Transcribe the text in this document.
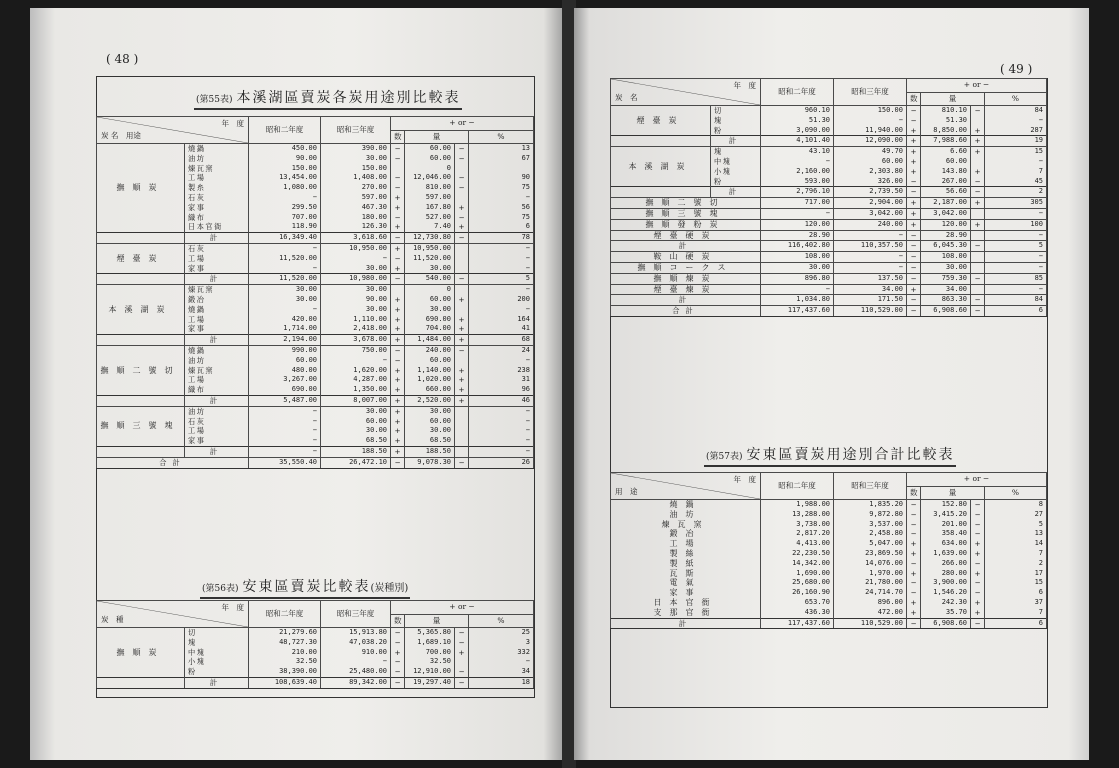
( 48 )
( 49 )
(第55表) 本溪湖區賣炭各炭用途別比較表
年　度
炭 名　用途		昭和二年度	昭和三年度	+ or −			
				数	量		%
撫順炭	燒鍋	450.00	390.00	−	60.00	−	13
	油坊	90.00	30.00	−	60.00	−	67
	煉瓦窯	150.00	150.00		0		
	工場	13,454.00	1,408.00	−	12,046.00	−	90
	製糸	1,080.00	270.00	−	810.00	−	75
	石灰	−	597.00	+	597.00		−
	家事	299.50	467.30	+	167.80	+	56
	織布	707.00	180.00	−	527.00	−	75
	日本官衙	118.90	126.30	+	7.40	+	6
	計	16,349.40	3,618.60	−	12,730.80	−	78
煙臺炭	石灰	−	10,950.00	+	10,950.00		−
	工場	11,520.00	−	−	11,520.00		−
	家事	−	30.00	+	30.00		−
	計	11,520.00	10,980.00	−	540.00	−	5
本溪湖炭	煉瓦窯	30.00	30.00		0		−
	鍛冶	30.00	90.00	+	60.00	+	200
	燒鍋	−	30.00	+	30.00		−
	工場	420.00	1,110.00	+	690.00	+	164
	家事	1,714.00	2,418.00	+	704.00	+	41
	計	2,194.00	3,678.00	+	1,484.00	+	68
撫順二號切	燒鍋	990.00	750.00	−	240.00	−	24
	油坊	60.00	−	−	60.00		−
	煉瓦窯	480.00	1,620.00	+	1,140.00	+	238
	工場	3,267.00	4,287.00	+	1,020.00	+	31
	織布	690.00	1,350.00	+	660.00	+	96
	計	5,487.00	8,007.00	+	2,520.00	+	46
撫順三號塊	油坊	−	30.00	+	30.00		−
	石灰	−	60.00	+	60.00		−
	工場	−	30.00	+	30.00		−
	家事	−	68.50	+	68.50		−
	計	−	188.50	+	188.50		−
合計		35,550.40	26,472.10	−	9,078.30	−	26
(第56表) 安東區賣炭比較表(炭種別)
年　度
炭　種		昭和二年度	昭和三年度	+ or −			
				数	量		%
撫順炭	切	21,279.60	15,913.80	−	5,365.80	−	25
	塊	48,727.30	47,038.20	−	1,689.10	−	3
	中塊	210.00	910.00	+	700.00	+	332
	小塊	32.50	−	−	32.50		−
	粉	38,390.00	25,480.00	−	12,910.00	−	34
	計	108,639.40	89,342.00	−	19,297.40	−	18
年　度
炭　名		昭和二年度	昭和三年度	+ or −			
				数	量		%
煙臺炭	切	960.10	150.00	−	810.10	−	84
	塊	51.30	−	−	51.30		−
	粉	3,090.00	11,940.00	+	8,850.00	+	287
	計	4,101.40	12,090.00	+	7,988.60	+	19
本溪湖炭	塊	43.10	49.70	+	6.60	+	15
	中塊	−	60.00	+	60.00		−
	小塊	2,160.00	2,303.80	+	143.80	+	7
	粉	593.00	326.00	−	267.00	−	45
	計	2,796.10	2,739.50	−	56.60	−	2
撫順二號切		717.00	2,904.00	+	2,187.00	+	305
撫順三號塊		−	3,042.00	+	3,042.00		−
撫順發粉炭		120.00	240.00	+	120.00	+	100
煙臺硬炭		28.90	−	−	28.90		−
計		116,402.80	110,357.50	−	6,045.30	−	5
鞍山硬炭		108.00	−	−	108.00		−
撫順コークス		30.00	−	−	30.00		−
撫順煉炭		896.80	137.50	−	759.30	−	85
煙臺煉炭		−	34.00	+	34.00		−
計		1,034.80	171.50	−	863.30	−	84
合計		117,437.60	110,529.00	−	6,908.60	−	6
(第57表) 安東區賣炭用途別合計比較表
年　度
用　途	昭和二年度	昭和三年度	+ or −			
			数	量		%
燒鍋	1,988.00	1,835.20	−	152.80	−	8
油坊	13,288.00	9,872.80	−	3,415.20	−	27
煉瓦窯	3,738.00	3,537.00	−	201.00	−	5
鍛冶	2,817.20	2,458.80	−	358.40	−	13
工場	4,413.00	5,047.00	+	634.00	+	14
製絲	22,230.50	23,869.50	+	1,639.00	+	7
製紙	14,342.00	14,076.00	−	266.00	−	2
瓦斯	1,690.00	1,970.00	+	280.00	+	17
電氣	25,680.00	21,780.00	−	3,900.00	−	15
家事	26,160.90	24,714.70	−	1,546.20	−	6
日本官衙	653.70	896.00	+	242.30	+	37
支那官衙	436.30	472.00	+	35.70	+	7
計	117,437.60	110,529.00	−	6,908.60	−	6
